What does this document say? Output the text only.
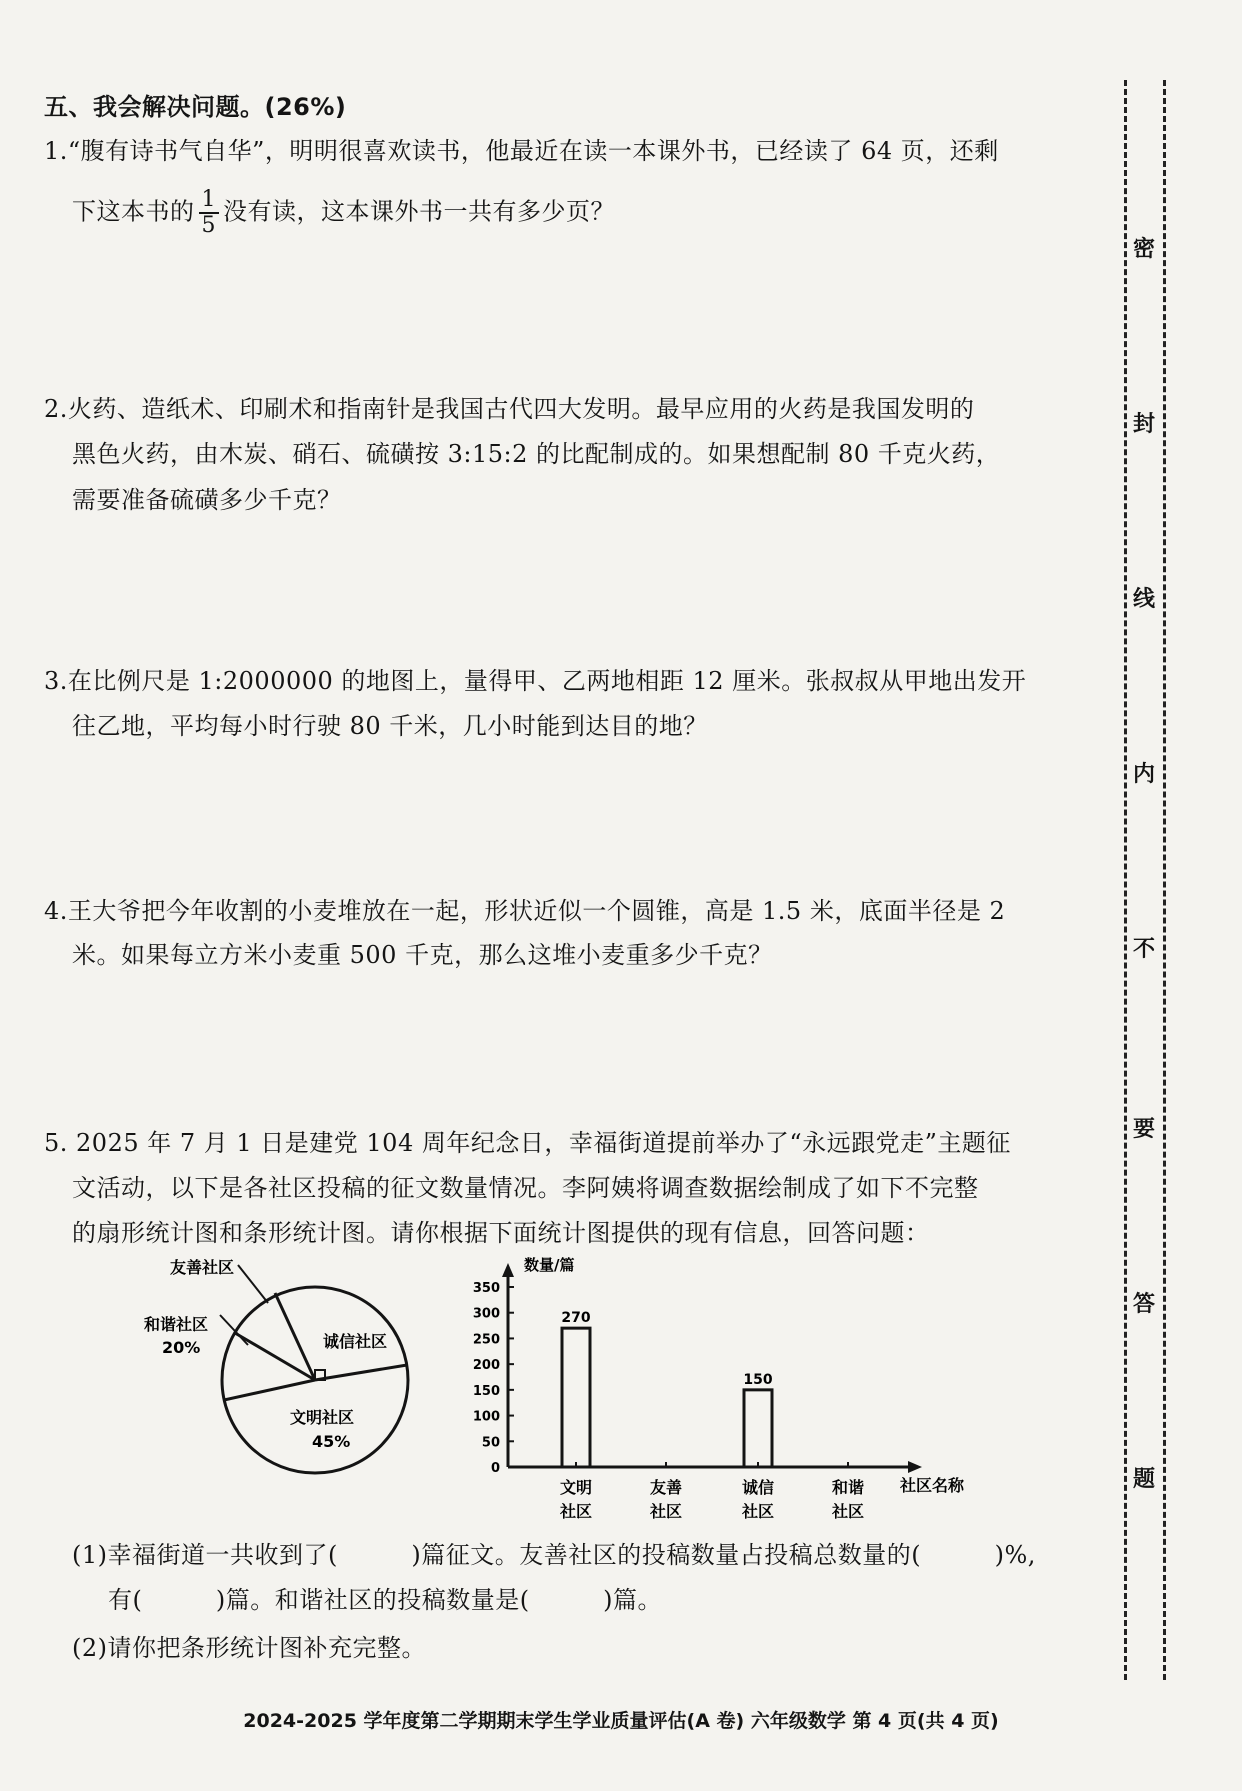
五、我会解决问题。(26%)
1.“腹有诗书气自华”，明明很喜欢读书，他最近在读一本课外书，已经读了 64 页，还剩
下这本书的 $\frac{1}{5}$ 没有读，这本课外书一共有多少页？
2.火药、造纸术、印刷术和指南针是我国古代四大发明。最早应用的火药是我国发明的
黑色火药，由木炭、硝石、硫磺按 3:15:2 的比配制成的。如果想配制 80 千克火药，
需要准备硫磺多少千克？
3.在比例尺是 1:2000000 的地图上，量得甲、乙两地相距 12 厘米。张叔叔从甲地出发开
往乙地，平均每小时行驶 80 千米，几小时能到达目的地？
4.王大爷把今年收割的小麦堆放在一起，形状近似一个圆锥，高是 1.5 米，底面半径是 2
米。如果每立方米小麦重 500 千克，那么这堆小麦重多少千克？
5. 2025 年 7 月 1 日是建党 104 周年纪念日，幸福街道提前举办了“永远跟党走”主题征
文活动，以下是各社区投稿的征文数量情况。李阿姨将调查数据绘制成了如下不完整
的扇形统计图和条形统计图。请你根据下面统计图提供的现有信息，回答问题：
友善社区
和谐社区
20%	诚信社区
文明社区
45%
数量/篇
社区名称
0
50
100
150
200
250
300
350
270
文明
社区
友善
社区
150
诚信
社区
和谐
社区
(1)幸福街道一共收到了(　　　)篇征文。友善社区的投稿数量占投稿总数量的(　　　)%,
有(　　　)篇。和谐社区的投稿数量是(　　　)篇。
(2)请你把条形统计图补充完整。
密
封
线
内
不
要
答
题
2024-2025 学年度第二学期期末学生学业质量评估(A 卷) 六年级数学 第 4 页(共 4 页)
